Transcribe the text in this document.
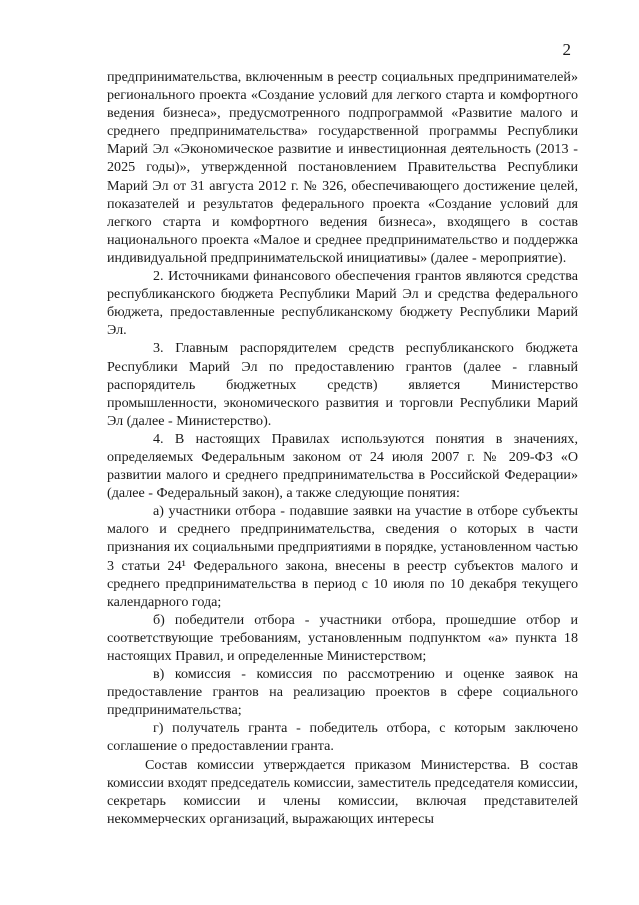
2

предпринимательства, включенным в реестр социальных предпринимателей» регионального проекта «Создание условий для легкого старта и комфортного ведения бизнеса», предусмотренного подпрограммой «Развитие малого и среднего предпринимательства» государственной программы Республики Марий Эл «Экономическое развитие и инвестиционная деятельность (2013 - 2025 годы)», утвержденной постановлением Правительства Республики Марий Эл от 31 августа 2012 г. № 326, обеспечивающего достижение целей, показателей и результатов федерального проекта «Создание условий для легкого старта и комфортного ведения бизнеса», входящего в состав национального проекта «Малое и среднее предпринимательство и поддержка индивидуальной предпринимательской инициативы» (далее - мероприятие).

2. Источниками финансового обеспечения грантов являются средства республиканского бюджета Республики Марий Эл и средства федерального бюджета, предоставленные республиканскому бюджету Республики Марий Эл.

3. Главным распорядителем средств республиканского бюджета Республики Марий Эл по предоставлению грантов (далее - главный распорядитель бюджетных средств) является Министерство промышленности, экономического развития и торговли Республики Марий Эл (далее - Министерство).

4. В настоящих Правилах используются понятия в значениях, определяемых Федеральным законом от 24 июля 2007 г. № 209-ФЗ «О развитии малого и среднего предпринимательства в Российской Федерации» (далее - Федеральный закон), а также следующие понятия:

а) участники отбора - подавшие заявки на участие в отборе субъекты малого и среднего предпринимательства, сведения о которых в части признания их социальными предприятиями в порядке, установленном частью 3 статьи 24¹ Федерального закона, внесены в реестр субъектов малого и среднего предпринимательства в период с 10 июля по 10 декабря текущего календарного года;

б) победители отбора - участники отбора, прошедшие отбор и соответствующие требованиям, установленным подпунктом «а» пункта 18 настоящих Правил, и определенные Министерством;

в) комиссия - комиссия по рассмотрению и оценке заявок на предоставление грантов на реализацию проектов в сфере социального предпринимательства;

г) получатель гранта - победитель отбора, с которым заключено соглашение о предоставлении гранта.

Состав комиссии утверждается приказом Министерства. В состав комиссии входят председатель комиссии, заместитель председателя комиссии, секретарь комиссии и члены комиссии, включая представителей некоммерческих организаций, выражающих интересы
